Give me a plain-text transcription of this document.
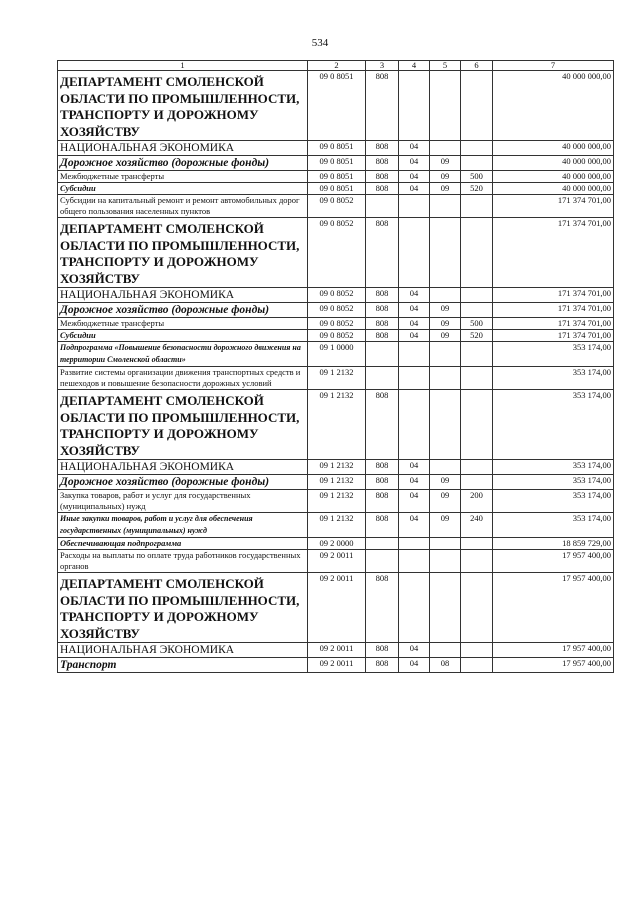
534
1	2	3	4	5	6	7
ДЕПАРТАМЕНТ СМОЛЕНСКОЙ ОБЛАСТИ ПО ПРОМЫШЛЕННОСТИ, ТРАНСПОРТУ И ДОРОЖНОМУ ХОЗЯЙСТВУ	09 0 8051	808				40 000 000,00
НАЦИОНАЛЬНАЯ ЭКОНОМИКА	09 0 8051	808	04			40 000 000,00
Дорожное хозяйство (дорожные фонды)	09 0 8051	808	04	09		40 000 000,00
Межбюджетные трансферты	09 0 8051	808	04	09	500	40 000 000,00
Субсидии	09 0 8051	808	04	09	520	40 000 000,00
Субсидии на капитальный ремонт и ремонт автомобильных дорог общего пользования населенных пунктов	09 0 8052					171 374 701,00
ДЕПАРТАМЕНТ СМОЛЕНСКОЙ ОБЛАСТИ ПО ПРОМЫШЛЕННОСТИ, ТРАНСПОРТУ И ДОРОЖНОМУ ХОЗЯЙСТВУ	09 0 8052	808				171 374 701,00
НАЦИОНАЛЬНАЯ ЭКОНОМИКА	09 0 8052	808	04			171 374 701,00
Дорожное хозяйство (дорожные фонды)	09 0 8052	808	04	09		171 374 701,00
Межбюджетные трансферты	09 0 8052	808	04	09	500	171 374 701,00
Субсидии	09 0 8052	808	04	09	520	171 374 701,00
Подпрограмма «Повышение безопасности дорожного движения на территории Смоленской области»	09 1 0000					353 174,00
Развитие системы организации движения транспортных средств и пешеходов и повышение безопасности дорожных условий	09 1 2132					353 174,00
ДЕПАРТАМЕНТ СМОЛЕНСКОЙ ОБЛАСТИ ПО ПРОМЫШЛЕННОСТИ, ТРАНСПОРТУ И ДОРОЖНОМУ ХОЗЯЙСТВУ	09 1 2132	808				353 174,00
НАЦИОНАЛЬНАЯ ЭКОНОМИКА	09 1 2132	808	04			353 174,00
Дорожное хозяйство (дорожные фонды)	09 1 2132	808	04	09		353 174,00
Закупка товаров, работ и услуг для государственных (муниципальных) нужд	09 1 2132	808	04	09	200	353 174,00
Иные закупки товаров, работ и услуг для обеспечения государственных (муниципальных) нужд	09 1 2132	808	04	09	240	353 174,00
Обеспечивающая подпрограмма	09 2 0000					18 859 729,00
Расходы на выплаты по оплате труда работников государственных органов	09 2 0011					17 957 400,00
ДЕПАРТАМЕНТ СМОЛЕНСКОЙ ОБЛАСТИ ПО ПРОМЫШЛЕННОСТИ, ТРАНСПОРТУ И ДОРОЖНОМУ ХОЗЯЙСТВУ	09 2 0011	808				17 957 400,00
НАЦИОНАЛЬНАЯ ЭКОНОМИКА	09 2 0011	808	04			17 957 400,00
Транспорт	09 2 0011	808	04	08		17 957 400,00
